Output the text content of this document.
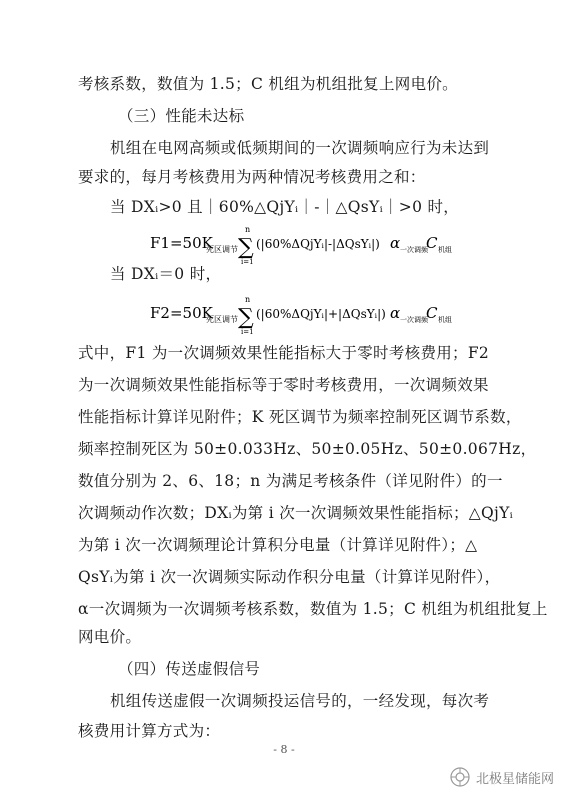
考核系数，数值为 1.5；C 机组为机组批复上网电价。
（三）性能未达标
机组在电网高频或低频期间的一次调频响应行为未达到
要求的，每月考核费用为两种情况考核费用之和：
当 DXᵢ>0 且｜60%△QjYᵢ｜-｜△QsYᵢ｜>0 时，
F1=50K
死区调节
n
∑
i=1
(|60%ΔQjYᵢ|-|ΔQsYᵢ|) α 一次调频
C 机组
当 DXᵢ＝0 时，
F2=50K
死区调节
n
∑
i=1
(|60%ΔQjYᵢ|+|ΔQsYᵢ|) α 一次调频
C 机组
式中，F1 为一次调频效果性能指标大于零时考核费用；F2
为一次调频效果性能指标等于零时考核费用，一次调频效果
性能指标计算详见附件；K 死区调节为频率控制死区调节系数，
频率控制死区为 50±0.033Hz、50±0.05Hz、50±0.067Hz，
数值分别为 2、6、18；n 为满足考核条件（详见附件）的一
次调频动作次数；DXᵢ为第 i 次一次调频效果性能指标；△QjYᵢ
为第 i 次一次调频理论计算积分电量（计算详见附件）；△
QsYᵢ为第 i 次一次调频实际动作积分电量（计算详见附件），
α一次调频为一次调频考核系数，数值为 1.5；C 机组为机组批复上
网电价。
（四）传送虚假信号
机组传送虚假一次调频投运信号的，一经发现，每次考
核费用计算方式为：
- 8 -
北极星储能网
